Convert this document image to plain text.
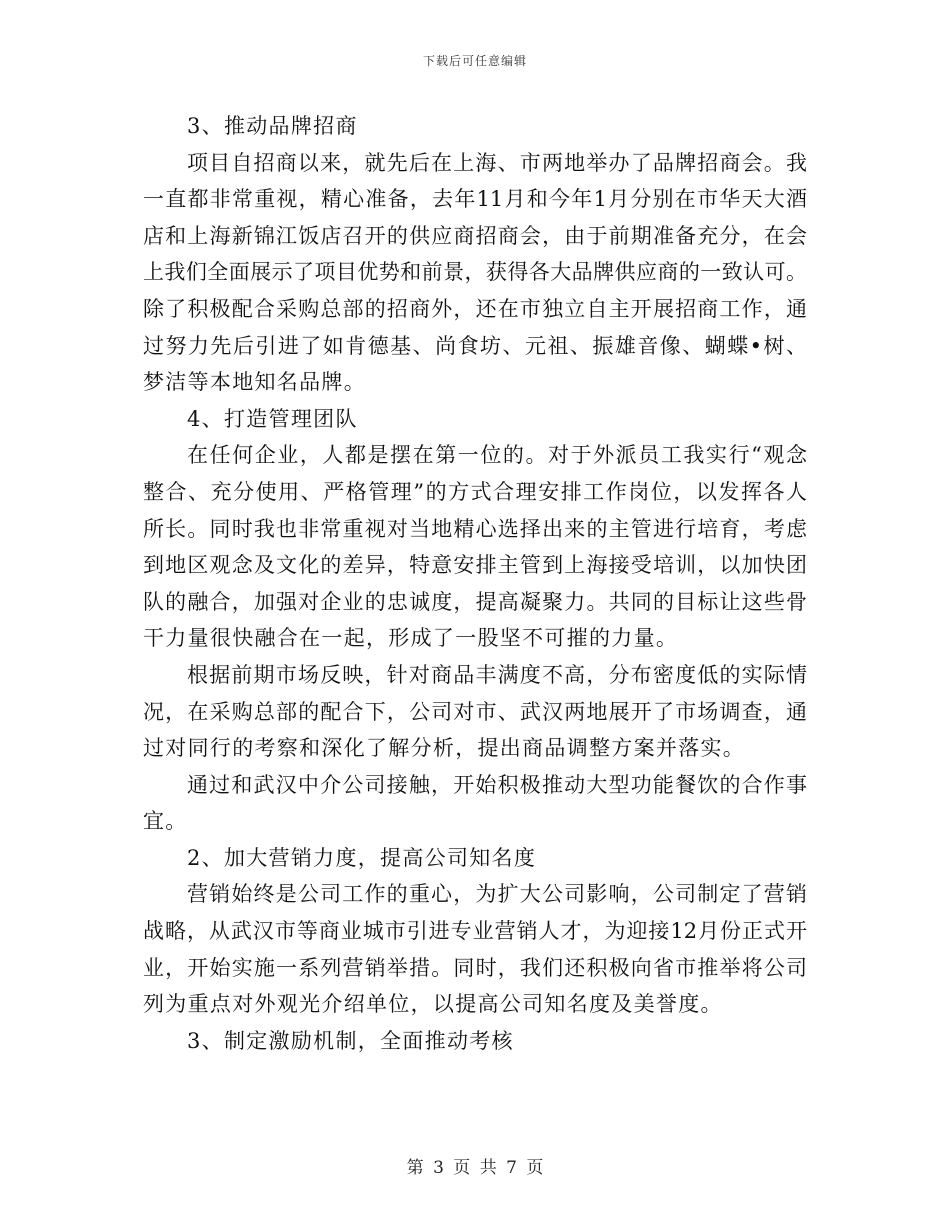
下载后可任意编辑
3、推动品牌招商
项目自招商以来，就先后在上海、市两地举办了品牌招商会。我
一直都非常重视，精心准备，去年11月和今年1月分别在市华天大酒
店和上海新锦江饭店召开的供应商招商会，由于前期准备充分，在会
上我们全面展示了项目优势和前景，获得各大品牌供应商的一致认可。
除了积极配合采购总部的招商外，还在市独立自主开展招商工作，通
过努力先后引进了如肯德基、尚食坊、元祖、振雄音像、蝴蝶•树、
梦洁等本地知名品牌。
4、打造管理团队
在任何企业，人都是摆在第一位的。对于外派员工我实行“观念
整合、充分使用、严格管理”的方式合理安排工作岗位，以发挥各人
所长。同时我也非常重视对当地精心选择出来的主管进行培育，考虑
到地区观念及文化的差异，特意安排主管到上海接受培训，以加快团
队的融合，加强对企业的忠诚度，提高凝聚力。共同的目标让这些骨
干力量很快融合在一起，形成了一股坚不可摧的力量。
根据前期市场反映，针对商品丰满度不高，分布密度低的实际情
况，在采购总部的配合下，公司对市、武汉两地展开了市场调查，通
过对同行的考察和深化了解分析，提出商品调整方案并落实。
通过和武汉中介公司接触，开始积极推动大型功能餐饮的合作事
宜。
2、加大营销力度，提高公司知名度
营销始终是公司工作的重心，为扩大公司影响，公司制定了营销
战略，从武汉市等商业城市引进专业营销人才，为迎接12月份正式开
业，开始实施一系列营销举措。同时，我们还积极向省市推举将公司
列为重点对外观光介绍单位，以提高公司知名度及美誉度。
3、制定激励机制，全面推动考核
第 3 页 共 7 页
